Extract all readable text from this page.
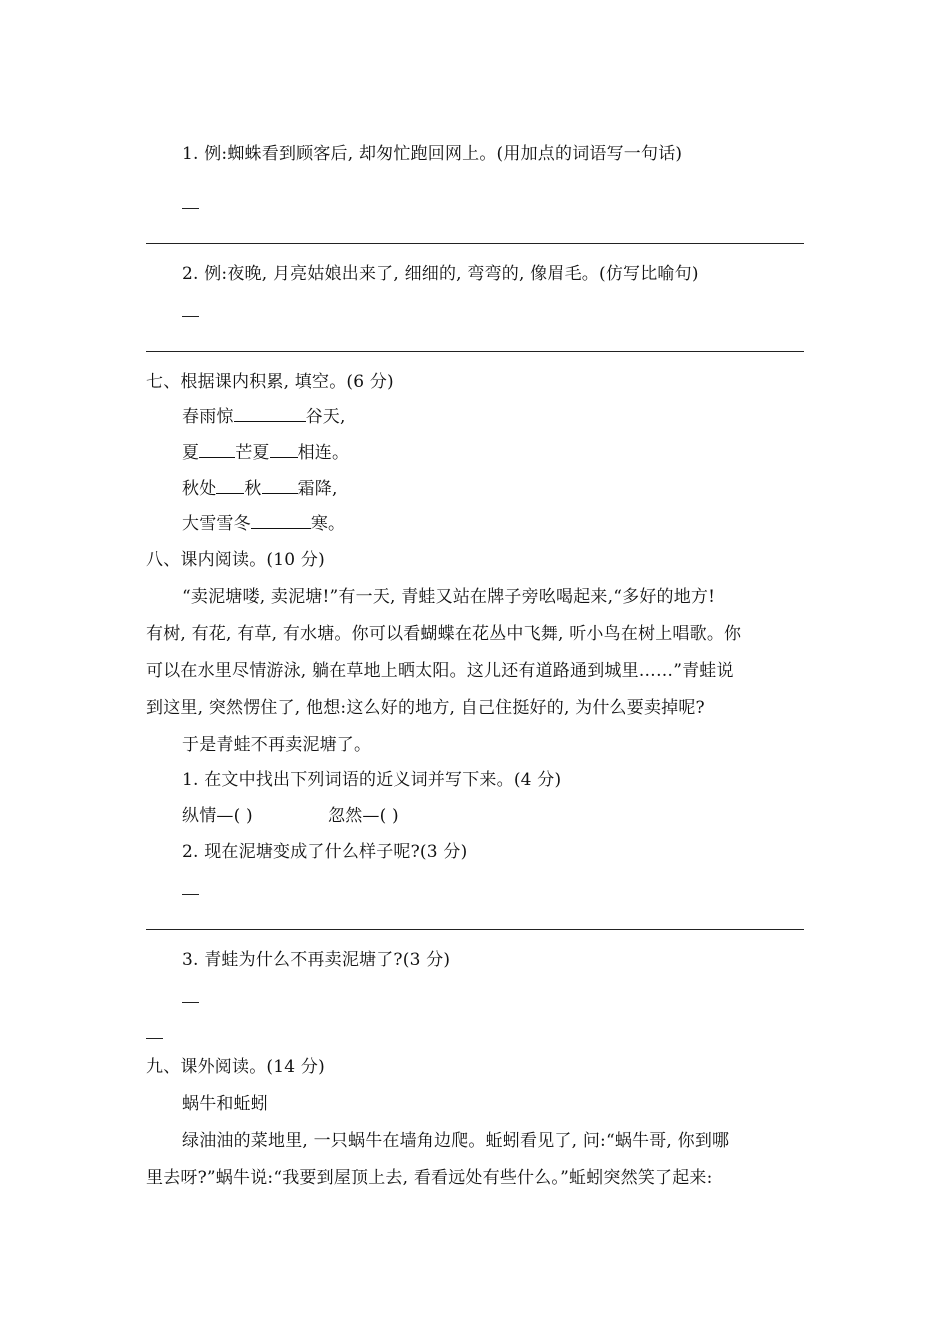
1. 例:蜘蛛看到顾客后, 却匆忙跑回网上。(用加点的词语写一句话)
2. 例:夜晚, 月亮姑娘出来了, 细细的, 弯弯的, 像眉毛。(仿写比喻句)
七、根据课内积累, 填空。(6 分)
春雨惊	谷天,
夏 芒夏 相连。
秋处 秋 霜降,
大雪雪冬	寒。
八、课内阅读。(10 分)
“卖泥塘喽, 卖泥塘!”有一天, 青蛙又站在牌子旁吆喝起来,“多好的地方!
有树, 有花, 有草, 有水塘。你可以看蝴蝶在花丛中飞舞, 听小鸟在树上唱歌。你
可以在水里尽情游泳, 躺在草地上晒太阳。这儿还有道路通到城里……”青蛙说
到这里, 突然愣住了, 他想:这么好的地方, 自己住挺好的, 为什么要卖掉呢?
于是青蛙不再卖泥塘了。
1. 在文中找出下列词语的近义词并写下来。(4 分)
纵情—( )	忽然—( )
2. 现在泥塘变成了什么样子呢?(3 分)
3. 青蛙为什么不再卖泥塘了?(3 分)
九、课外阅读。(14 分)
蜗牛和蚯蚓
绿油油的菜地里, 一只蜗牛在墙角边爬。蚯蚓看见了, 问:“蜗牛哥, 你到哪
里去呀?”蜗牛说:“我要到屋顶上去, 看看远处有些什么。”蚯蚓突然笑了起来:
